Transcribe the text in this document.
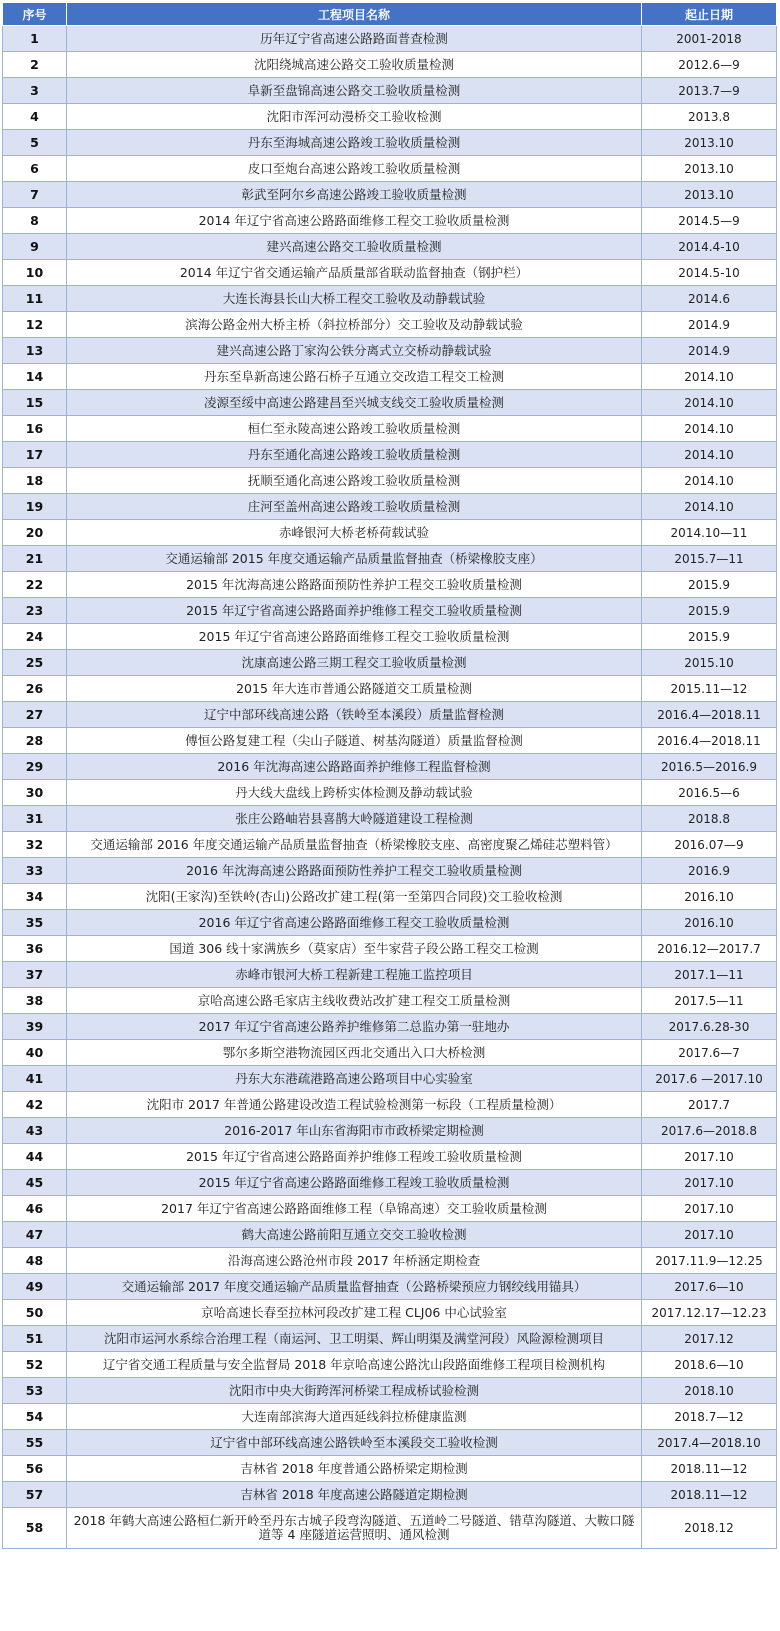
序号	工程项目名称	起止日期
1	历年辽宁省高速公路路面普查检测	2001-2018
2	沈阳绕城高速公路交工验收质量检测	2012.6—9
3	阜新至盘锦高速公路交工验收质量检测	2013.7—9
4	沈阳市浑河动漫桥交工验收检测	2013.8
5	丹东至海城高速公路竣工验收质量检测	2013.10
6	皮口至炮台高速公路竣工验收质量检测	2013.10
7	彰武至阿尔乡高速公路竣工验收质量检测	2013.10
8	2014 年辽宁省高速公路路面维修工程交工验收质量检测	2014.5—9
9	建兴高速公路交工验收质量检测	2014.4-10
10	2014 年辽宁省交通运输产品质量部省联动监督抽查（钢护栏）	2014.5-10
11	大连长海县长山大桥工程交工验收及动静载试验	2014.6
12	滨海公路金州大桥主桥（斜拉桥部分）交工验收及动静载试验	2014.9
13	建兴高速公路丁家沟公铁分离式立交桥动静载试验	2014.9
14	丹东至阜新高速公路石桥子互通立交改造工程交工检测	2014.10
15	凌源至绥中高速公路建昌至兴城支线交工验收质量检测	2014.10
16	桓仁至永陵高速公路竣工验收质量检测	2014.10
17	丹东至通化高速公路竣工验收质量检测	2014.10
18	抚顺至通化高速公路竣工验收质量检测	2014.10
19	庄河至盖州高速公路竣工验收质量检测	2014.10
20	赤峰银河大桥老桥荷载试验	2014.10—11
21	交通运输部 2015 年度交通运输产品质量监督抽查（桥梁橡胶支座）	2015.7—11
22	2015 年沈海高速公路路面预防性养护工程交工验收质量检测	2015.9
23	2015 年辽宁省高速公路路面养护维修工程交工验收质量检测	2015.9
24	2015 年辽宁省高速公路路面维修工程交工验收质量检测	2015.9
25	沈康高速公路三期工程交工验收质量检测	2015.10
26	2015 年大连市普通公路隧道交工质量检测	2015.11—12
27	辽宁中部环线高速公路（铁岭至本溪段）质量监督检测	2016.4—2018.11
28	傅恒公路复建工程（尖山子隧道、树基沟隧道）质量监督检测	2016.4—2018.11
29	2016 年沈海高速公路路面养护维修工程监督检测	2016.5—2016.9
30	丹大线大盘线上跨桥实体检测及静动载试验	2016.5—6
31	张庄公路岫岩县喜鹊大岭隧道建设工程检测	2018.8
32	交通运输部 2016 年度交通运输产品质量监督抽查（桥梁橡胶支座、高密度聚乙烯硅芯塑料管）	2016.07—9
33	2016 年沈海高速公路路面预防性养护工程交工验收质量检测	2016.9
34	沈阳(王家沟)至铁岭(杏山)公路改扩建工程(第一至第四合同段)交工验收检测	2016.10
35	2016 年辽宁省高速公路路面维修工程交工验收质量检测	2016.10
36	国道 306 线十家满族乡（莫家店）至牛家营子段公路工程交工检测	2016.12—2017.7
37	赤峰市银河大桥工程新建工程施工监控项目	2017.1—11
38	京哈高速公路毛家店主线收费站改扩建工程交工质量检测	2017.5—11
39	2017 年辽宁省高速公路养护维修第二总监办第一驻地办	2017.6.28-30
40	鄂尔多斯空港物流园区西北交通出入口大桥检测	2017.6—7
41	丹东大东港疏港路高速公路项目中心实验室	2017.6 —2017.10
42	沈阳市 2017 年普通公路建设改造工程试验检测第一标段（工程质量检测）	2017.7
43	2016-2017 年山东省海阳市市政桥梁定期检测	2017.6—2018.8
44	2015 年辽宁省高速公路路面养护维修工程竣工验收质量检测	2017.10
45	2015 年辽宁省高速公路路面维修工程竣工验收质量检测	2017.10
46	2017 年辽宁省高速公路路面维修工程（阜锦高速）交工验收质量检测	2017.10
47	鹤大高速公路前阳互通立交交工验收检测	2017.10
48	沿海高速公路沧州市段 2017 年桥涵定期检查	2017.11.9—12.25
49	交通运输部 2017 年度交通运输产品质量监督抽查（公路桥梁预应力钢绞线用锚具）	2017.6—10
50	京哈高速长春至拉林河段改扩建工程 CLJ06 中心试验室	2017.12.17—12.23
51	沈阳市运河水系综合治理工程（南运河、卫工明渠、辉山明渠及满堂河段）风险源检测项目	2017.12
52	辽宁省交通工程质量与安全监督局 2018 年京哈高速公路沈山段路面维修工程项目检测机构	2018.6—10
53	沈阳市中央大街跨浑河桥梁工程成桥试验检测	2018.10
54	大连南部滨海大道西延线斜拉桥健康监测	2018.7—12
55	辽宁省中部环线高速公路铁岭至本溪段交工验收检测	2017.4—2018.10
56	吉林省 2018 年度普通公路桥梁定期检测	2018.11—12
57	吉林省 2018 年度高速公路隧道定期检测	2018.11—12
58	2018 年鹤大高速公路桓仁新开岭至丹东古城子段弯沟隧道、五道岭二号隧道、错草沟隧道、大鞍口隧道等 4 座隧道运营照明、通风检测	2018.12
